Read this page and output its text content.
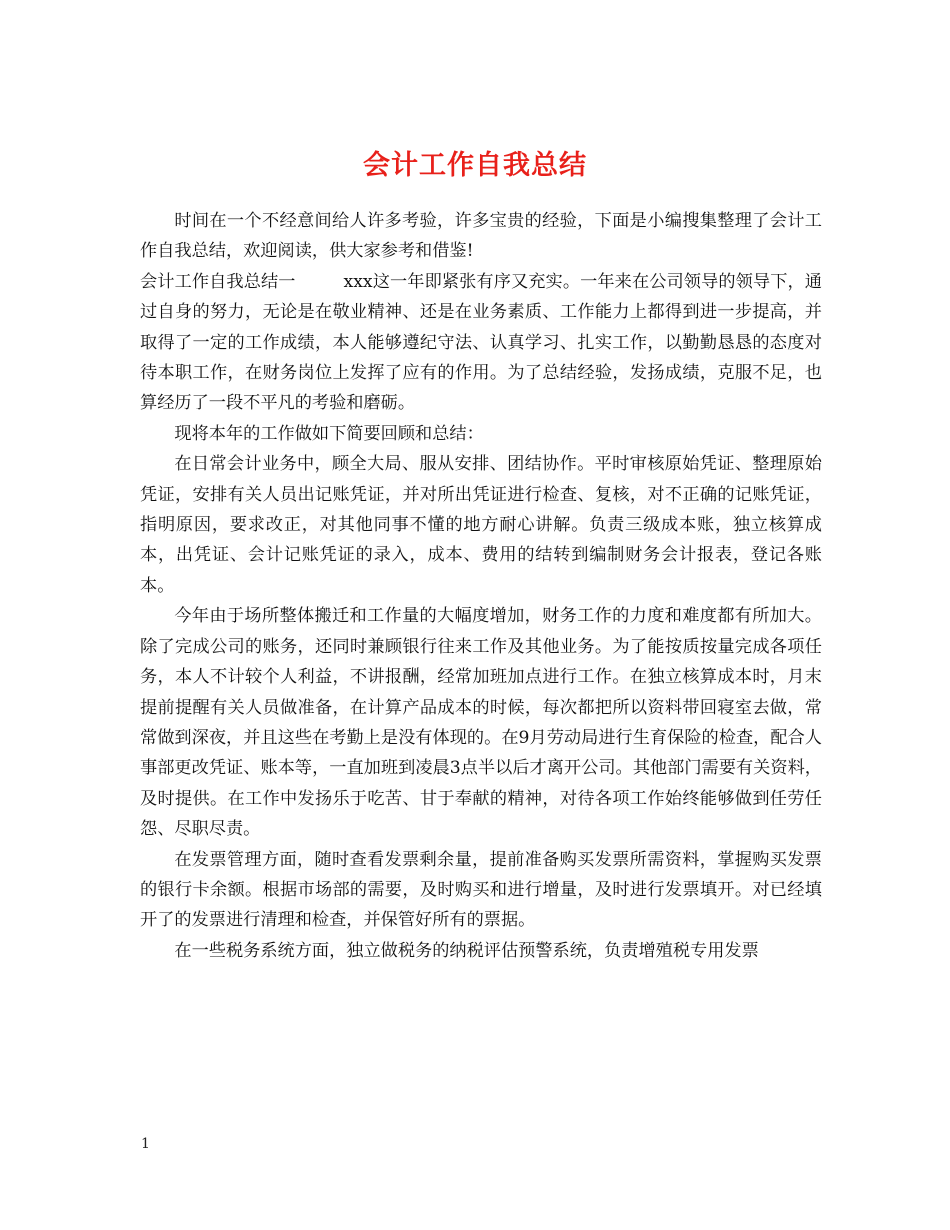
会计工作自我总结

时间在一个不经意间给人许多考验，许多宝贵的经验，下面是小编搜集整理了会计工作自我总结，欢迎阅读，供大家参考和借鉴!

会计工作自我总结一	xxx这一年即紧张有序又充实。一年来在公司领导的领导下，通过自身的努力，无论是在敬业精神、还是在业务素质、工作能力上都得到进一步提高，并取得了一定的工作成绩，本人能够遵纪守法、认真学习、扎实工作，以勤勤恳恳的态度对待本职工作，在财务岗位上发挥了应有的作用。为了总结经验，发扬成绩，克服不足，也算经历了一段不平凡的考验和磨砺。

现将本年的工作做如下简要回顾和总结：

在日常会计业务中，顾全大局、服从安排、团结协作。平时审核原始凭证、整理原始凭证，安排有关人员出记账凭证，并对所出凭证进行检查、复核，对不正确的记账凭证，指明原因，要求改正，对其他同事不懂的地方耐心讲解。负责三级成本账，独立核算成本，出凭证、会计记账凭证的录入，成本、费用的结转到编制财务会计报表，登记各账本。

今年由于场所整体搬迁和工作量的大幅度增加，财务工作的力度和难度都有所加大。除了完成公司的账务，还同时兼顾银行往来工作及其他业务。为了能按质按量完成各项任务，本人不计较个人利益，不讲报酬，经常加班加点进行工作。在独立核算成本时，月末提前提醒有关人员做准备，在计算产品成本的时候，每次都把所以资料带回寝室去做，常常做到深夜，并且这些在考勤上是没有体现的。在9月劳动局进行生育保险的检查，配合人事部更改凭证、账本等，一直加班到凌晨3点半以后才离开公司。其他部门需要有关资料，及时提供。在工作中发扬乐于吃苦、甘于奉献的精神，对待各项工作始终能够做到任劳任怨、尽职尽责。

在发票管理方面，随时查看发票剩余量，提前准备购买发票所需资料，掌握购买发票的银行卡余额。根据市场部的需要，及时购买和进行增量，及时进行发票填开。对已经填开了的发票进行清理和检查，并保管好所有的票据。

在一些税务系统方面，独立做税务的纳税评估预警系统，负责增殖税专用发票

1
